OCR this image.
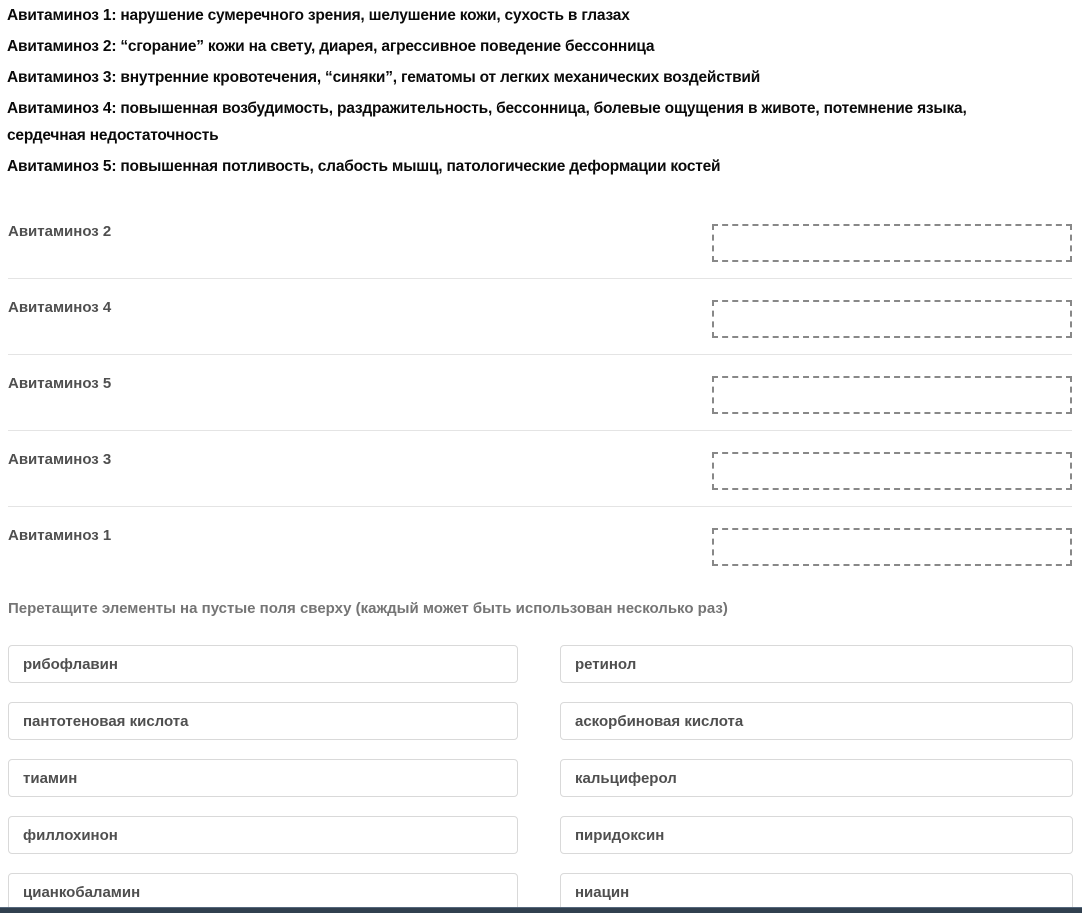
Авитаминоз 1: нарушение сумеречного зрения, шелушение кожи, сухость в глазах

Авитаминоз 2: “сгорание” кожи на свету, диарея, агрессивное поведение бессонница

Авитаминоз 3: внутренние кровотечения, “синяки”, гематомы от легких механических воздействий

Авитаминоз 4: повышенная возбудимость, раздражительность, бессонница, болевые ощущения в животе, потемнение языка,

сердечная недостаточность

Авитаминоз 5: повышенная потливость, слабость мышц, патологические деформации костей

Авитаминоз 2
Авитаминоз 4
Авитаминоз 5
Авитаминоз 3
Авитаминоз 1
Перетащите элементы на пустые поля сверху (каждый может быть использован несколько раз)
рибофлавин	ретинол
пантотеновая кислота	аскорбиновая кислота
тиамин	кальциферол
филлохинон	пиридоксин
цианкобаламин	ниацин
